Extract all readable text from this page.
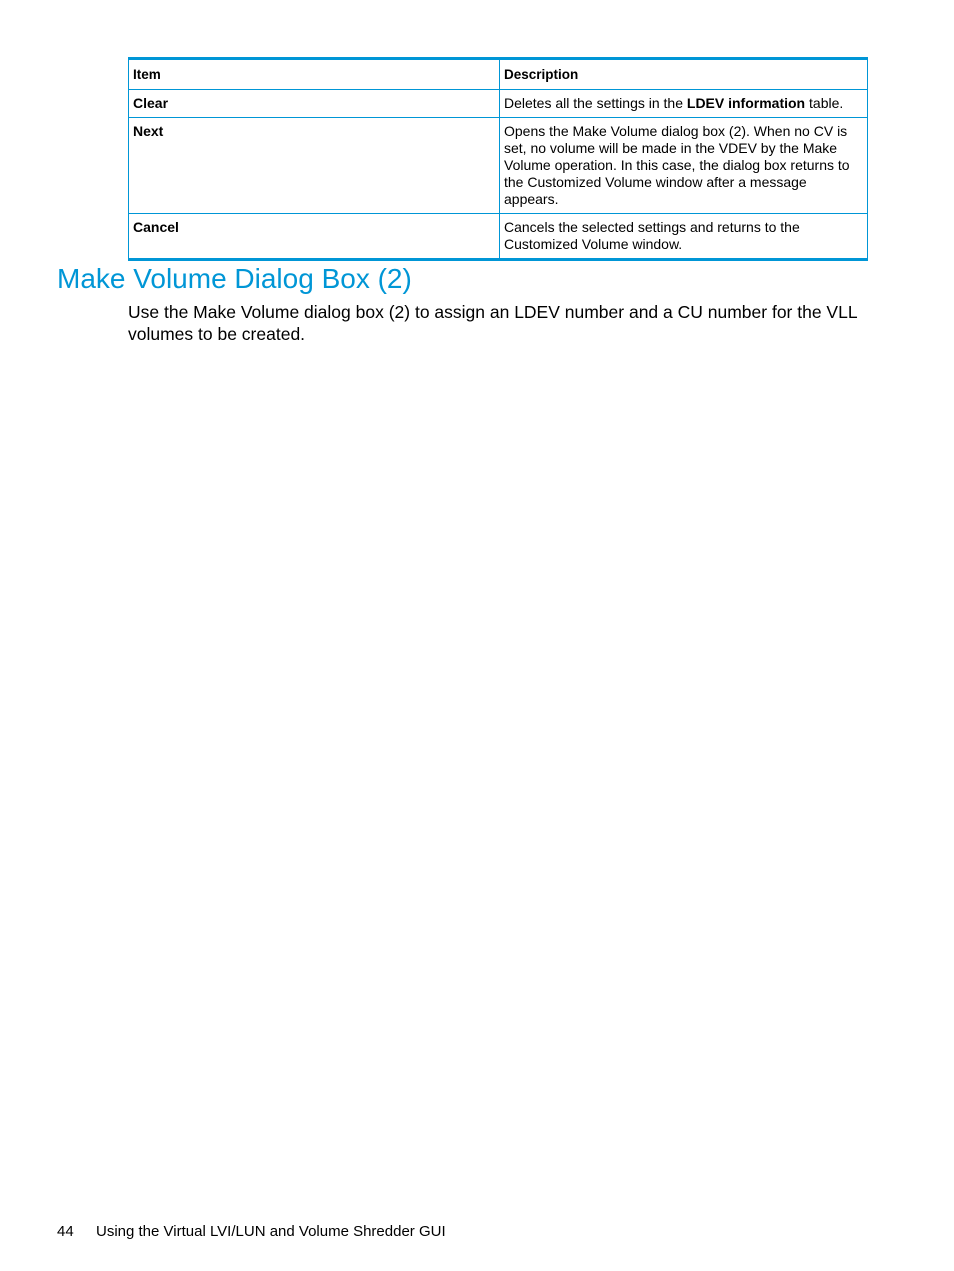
Item	Description
Clear	Deletes all the settings in the LDEV information table.
Next	Opens the Make Volume dialog box (2). When no CV is set, no volume will be made in the VDEV by the Make Volume operation. In this case, the dialog box returns to the Customized Volume window after a message appears.
Cancel	Cancels the selected settings and returns to the Customized Volume window.
Make Volume Dialog Box (2)

Use the Make Volume dialog box (2) to assign an LDEV number and a CU number for the VLL volumes to be created.

44 Using the Virtual LVI/LUN and Volume Shredder GUI
